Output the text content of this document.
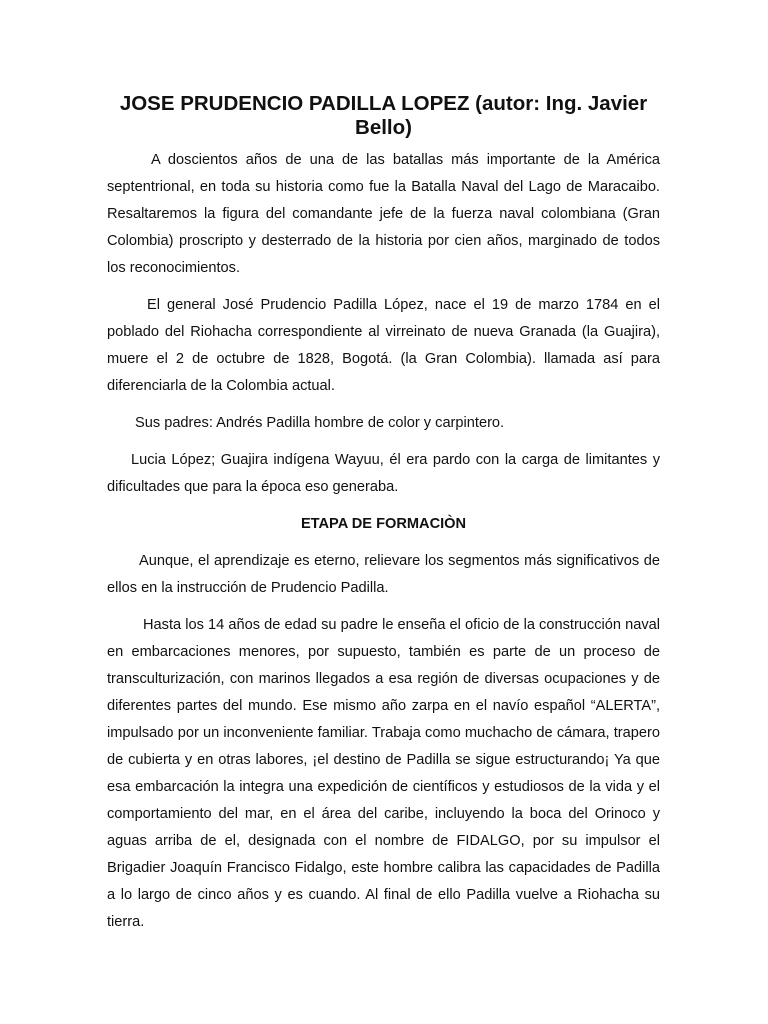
JOSE PRUDENCIO PADILLA LOPEZ (autor: Ing. Javier Bello)

A doscientos años de una de las batallas más importante de la América septentrional, en toda su historia como fue la Batalla Naval del Lago de Maracaibo. Resaltaremos la figura del comandante jefe de la fuerza naval colombiana (Gran Colombia) proscripto y desterrado de la historia por cien años, marginado de todos los reconocimientos.

El general José Prudencio Padilla López, nace el 19 de marzo 1784 en el poblado del Riohacha correspondiente al virreinato de nueva Granada (la Guajira), muere el 2 de octubre de 1828, Bogotá. (la Gran Colombia). llamada así para diferenciarla de la Colombia actual.

Sus padres: Andrés Padilla hombre de color y carpintero.

Lucia López; Guajira indígena Wayuu, él era pardo con la carga de limitantes y dificultades que para la época eso generaba.

ETAPA DE FORMACIÒN

Aunque, el aprendizaje es eterno, relievare los segmentos más significativos de ellos en la instrucción de Prudencio Padilla.

Hasta los 14 años de edad su padre le enseña el oficio de la construcción naval en embarcaciones menores, por supuesto, también es parte de un proceso de transculturización, con marinos llegados a esa región de diversas ocupaciones y de diferentes partes del mundo. Ese mismo año zarpa en el navío español “ALERTA”, impulsado por un inconveniente familiar. Trabaja como muchacho de cámara, trapero de cubierta y en otras labores, ¡el destino de Padilla se sigue estructurando¡ Ya que esa embarcación la integra una expedición de científicos y estudiosos de la vida y el comportamiento del mar, en el área del caribe, incluyendo la boca del Orinoco y aguas arriba de el, designada con el nombre de FIDALGO, por su impulsor el Brigadier Joaquín Francisco Fidalgo, este hombre calibra las capacidades de Padilla a lo largo de cinco años y es cuando. Al final de ello Padilla vuelve a Riohacha su tierra.
